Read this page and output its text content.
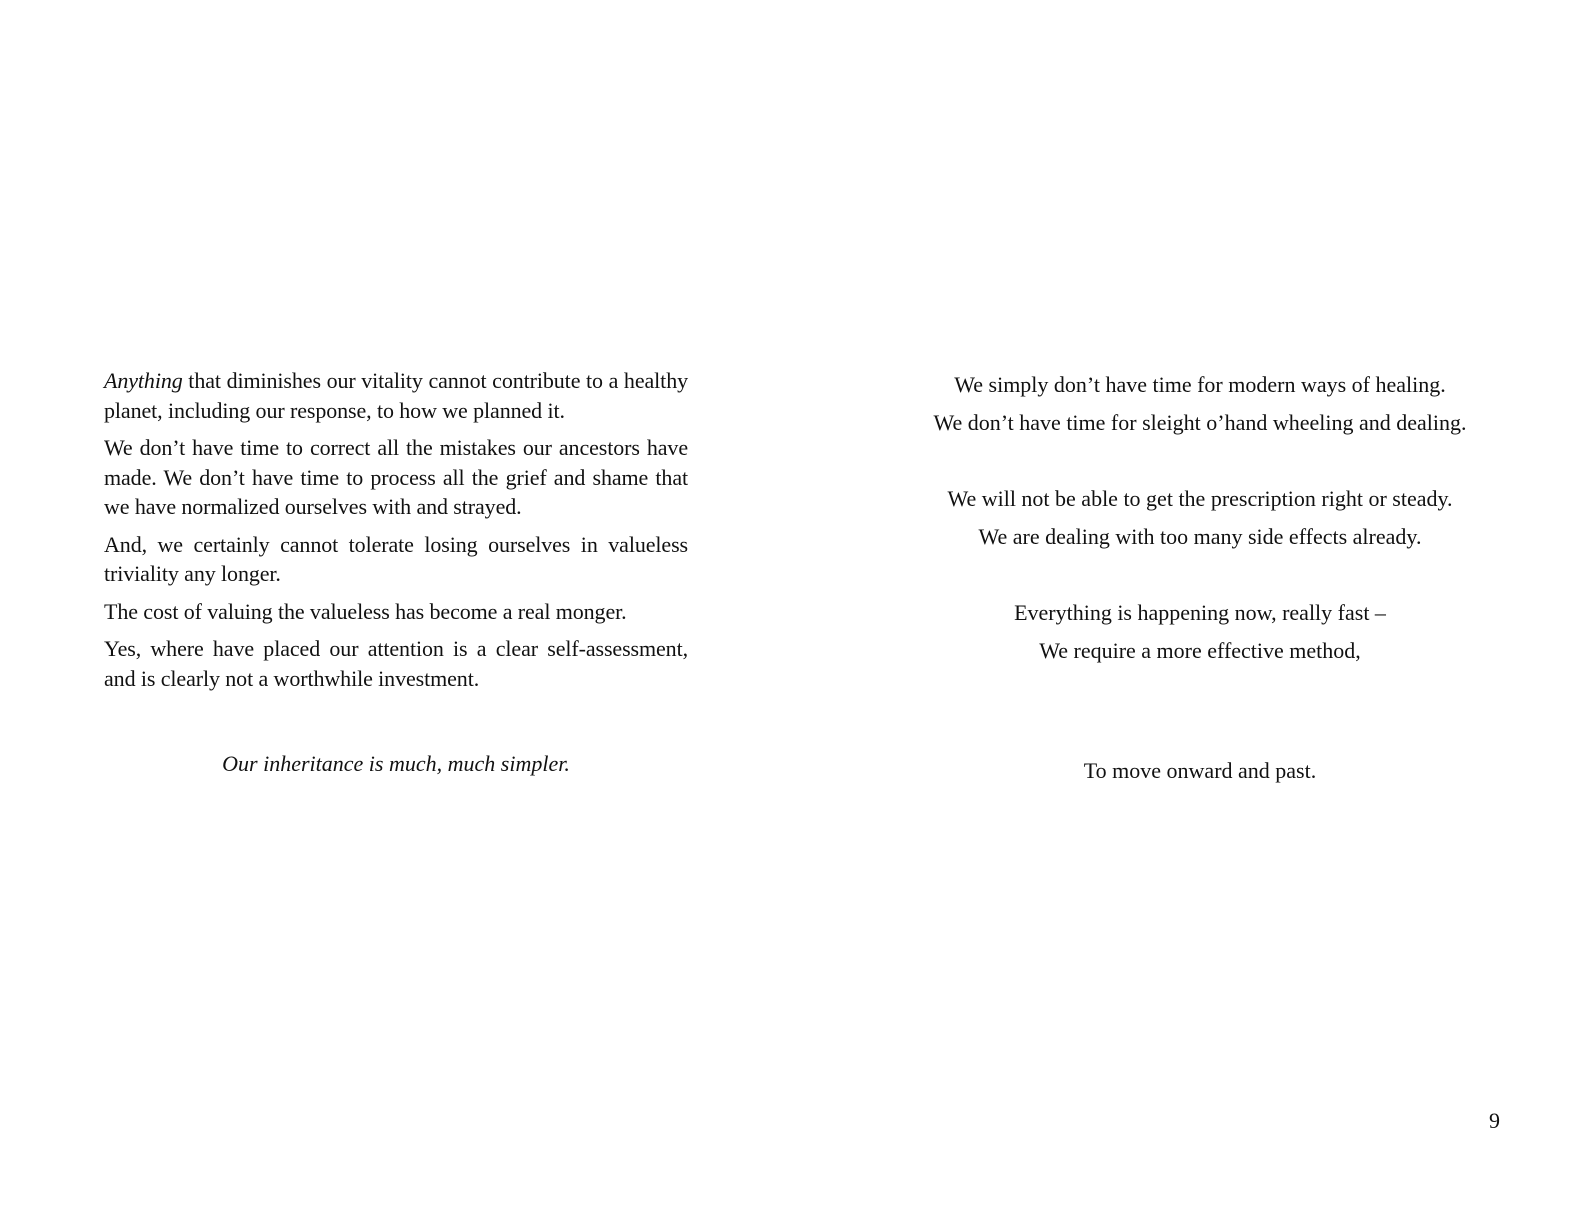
Anything that diminishes our vitality cannot contribute to a healthy planet, including our response, to how we planned it.

We don’t have time to correct all the mistakes our ancestors have made. We don’t have time to process all the grief and shame that we have normalized ourselves with and strayed.

And, we certainly cannot tolerate losing ourselves in valueless triviality any longer.

The cost of valuing the valueless has become a real monger.

Yes, where have placed our attention is a clear self-assessment, and is clearly not a worthwhile investment.

Our inheritance is much, much simpler.
We simply don’t have time for modern ways of healing.
We don’t have time for sleight o’hand wheeling and dealing.
We will not be able to get the prescription right or steady.
We are dealing with too many side effects already.
Everything is happening now, really fast –
We require a more effective method,
To move onward and past.
9
